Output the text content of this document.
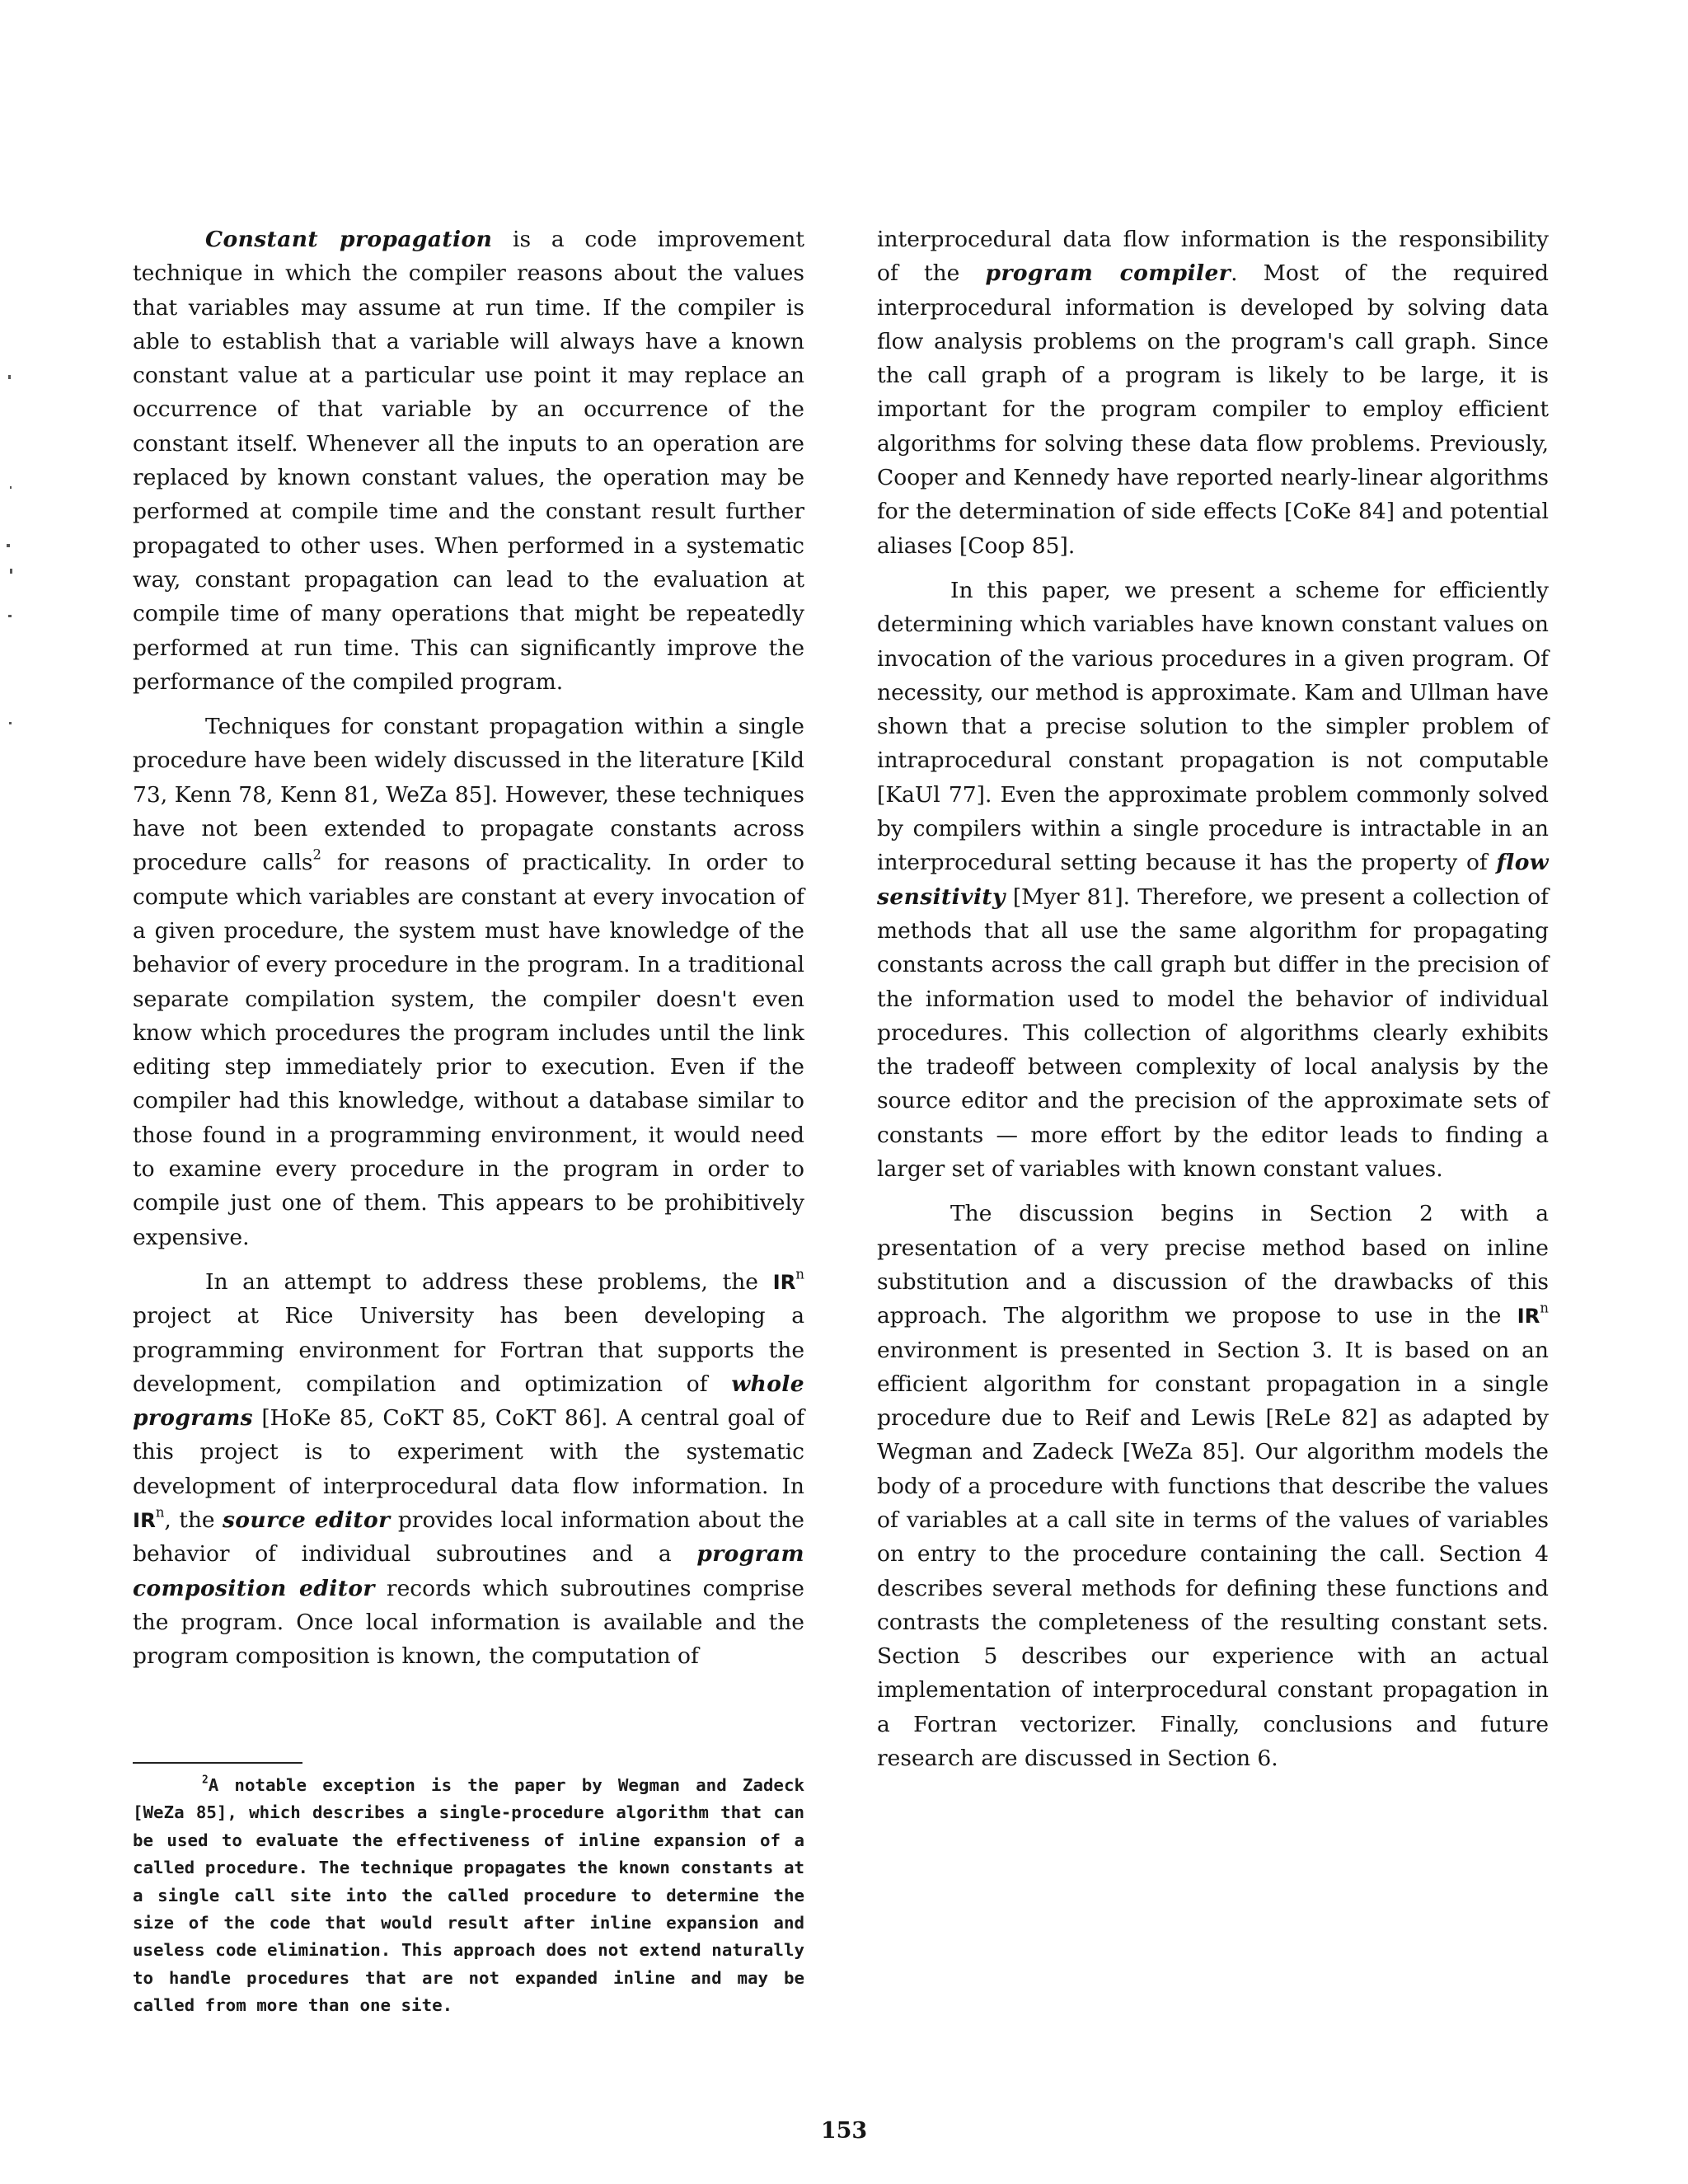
Constant propagation is a code improvement technique in which the compiler reasons about the values that variables may assume at run time. If the compiler is able to establish that a variable will always have a known constant value at a particular use point it may replace an occurrence of that variable by an occurrence of the constant itself. Whenever all the inputs to an operation are replaced by known constant values, the operation may be performed at compile time and the constant result further propagated to other uses. When performed in a systematic way, constant propagation can lead to the evaluation at compile time of many operations that might be repeatedly performed at run time. This can significantly improve the performance of the compiled program.

Techniques for constant propagation within a single procedure have been widely discussed in the literature [Kild 73, Kenn 78, Kenn 81, WeZa 85]. However, these techniques have not been extended to propagate constants across procedure calls$^2$ for reasons of practicality. In order to compute which variables are constant at every invocation of a given procedure, the system must have knowledge of the behavior of every procedure in the program. In a traditional separate compilation system, the compiler doesn't even know which procedures the program includes until the link editing step immediately prior to execution. Even if the compiler had this knowledge, without a database similar to those found in a programming environment, it would need to examine every procedure in the program in order to compile just one of them. This appears to be prohibitively expensive.

In an attempt to address these problems, the $IR^n$ project at Rice University has been developing a programming environment for Fortran that supports the development, compilation and optimization of whole programs [HoKe 85, CoKT 85, CoKT 86]. A central goal of this project is to experiment with the systematic development of interprocedural data flow information. In $IR^n$, the source editor provides local information about the behavior of individual subroutines and a program composition editor records which subroutines comprise the program. Once local information is available and the program composition is known, the computation of

$^2$A notable exception is the paper by Wegman and Zadeck [WeZa 85], which describes a single-procedure algorithm that can be used to evaluate the effectiveness of inline expansion of a called procedure. The technique propagates the known constants at a single call site into the called procedure to determine the size of the code that would result after inline expansion and useless code elimination. This approach does not extend naturally to handle procedures that are not expanded inline and may be called from more than one site.

interprocedural data flow information is the responsibility of the program compiler. Most of the required interprocedural information is developed by solving data flow analysis problems on the program's call graph. Since the call graph of a program is likely to be large, it is important for the program compiler to employ efficient algorithms for solving these data flow problems. Previously, Cooper and Kennedy have reported nearly-linear algorithms for the determination of side effects [CoKe 84] and potential aliases [Coop 85].

In this paper, we present a scheme for efficiently determining which variables have known constant values on invocation of the various procedures in a given program. Of necessity, our method is approximate. Kam and Ullman have shown that a precise solution to the simpler problem of intraprocedural constant propagation is not computable [KaUl 77]. Even the approximate problem commonly solved by compilers within a single procedure is intractable in an interprocedural setting because it has the property of flow sensitivity [Myer 81]. Therefore, we present a collection of methods that all use the same algorithm for propagating constants across the call graph but differ in the precision of the information used to model the behavior of individual procedures. This collection of algorithms clearly exhibits the tradeoff between complexity of local analysis by the source editor and the precision of the approximate sets of constants — more effort by the editor leads to finding a larger set of variables with known constant values.

The discussion begins in Section 2 with a presentation of a very precise method based on inline substitution and a discussion of the drawbacks of this approach. The algorithm we propose to use in the $IR^n$ environment is presented in Section 3. It is based on an efficient algorithm for constant propagation in a single procedure due to Reif and Lewis [ReLe 82] as adapted by Wegman and Zadeck [WeZa 85]. Our algorithm models the body of a procedure with functions that describe the values of variables at a call site in terms of the values of variables on entry to the procedure containing the call. Section 4 describes several methods for defining these functions and contrasts the completeness of the resulting constant sets. Section 5 describes our experience with an actual implementation of interprocedural constant propagation in a Fortran vectorizer. Finally, conclusions and future research are discussed in Section 6.

153
